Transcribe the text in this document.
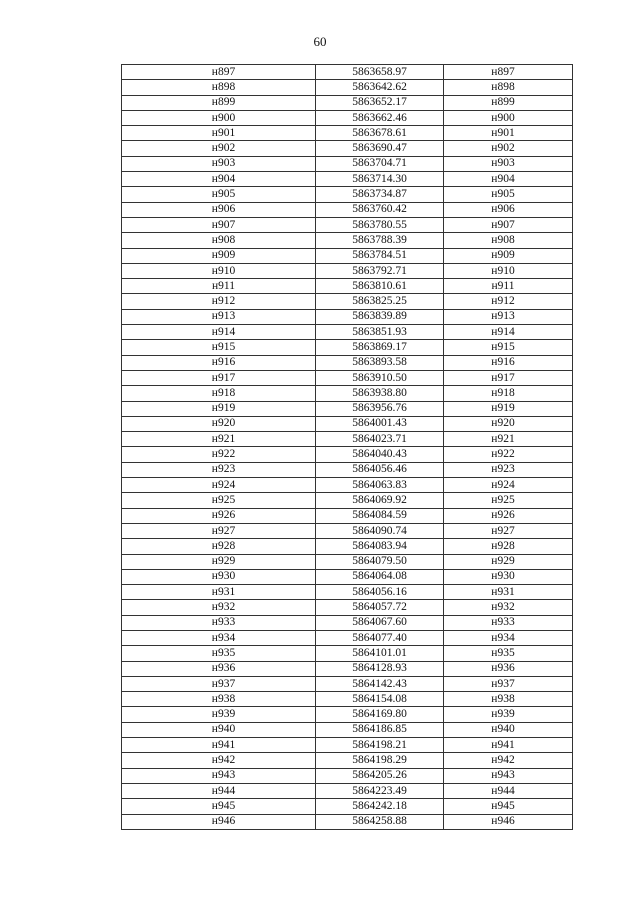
60
н897	5863658.97	н897
н898	5863642.62	н898
н899	5863652.17	н899
н900	5863662.46	н900
н901	5863678.61	н901
н902	5863690.47	н902
н903	5863704.71	н903
н904	5863714.30	н904
н905	5863734.87	н905
н906	5863760.42	н906
н907	5863780.55	н907
н908	5863788.39	н908
н909	5863784.51	н909
н910	5863792.71	н910
н911	5863810.61	н911
н912	5863825.25	н912
н913	5863839.89	н913
н914	5863851.93	н914
н915	5863869.17	н915
н916	5863893.58	н916
н917	5863910.50	н917
н918	5863938.80	н918
н919	5863956.76	н919
н920	5864001.43	н920
н921	5864023.71	н921
н922	5864040.43	н922
н923	5864056.46	н923
н924	5864063.83	н924
н925	5864069.92	н925
н926	5864084.59	н926
н927	5864090.74	н927
н928	5864083.94	н928
н929	5864079.50	н929
н930	5864064.08	н930
н931	5864056.16	н931
н932	5864057.72	н932
н933	5864067.60	н933
н934	5864077.40	н934
н935	5864101.01	н935
н936	5864128.93	н936
н937	5864142.43	н937
н938	5864154.08	н938
н939	5864169.80	н939
н940	5864186.85	н940
н941	5864198.21	н941
н942	5864198.29	н942
н943	5864205.26	н943
н944	5864223.49	н944
н945	5864242.18	н945
н946	5864258.88	н946
